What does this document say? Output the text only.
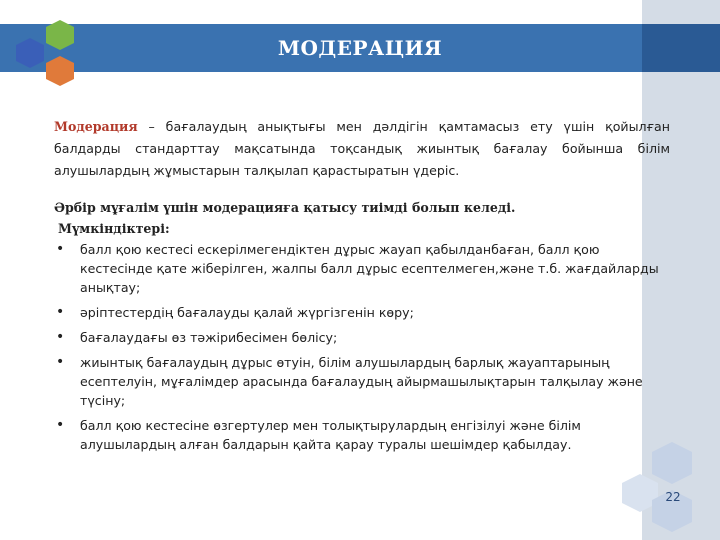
МОДЕРАЦИЯ
22

Модерация – бағалаудың анықтығы мен дәлдігін қамтамасыз ету үшін қойылған балдарды стандарттау мақсатында тоқсандық жиынтық бағалау бойынша білім алушылардың жұмыстарын талқылап қарастыратын үдеріс.

Әрбір мұғалім үшін модерацияға қатысу тиімді болып келеді.

Мүмкіндіктері:

• балл қою кестесі ескерілмегендіктен дұрыс жауап қабылданбаған, балл қою кестесінде қате жіберілген, жалпы балл дұрыс есептелмеген,және т.б. жағдайларды анықтау;
• әріптестердің бағалауды қалай жүргізгенін көру;
• бағалаудағы өз тәжірибесімен бөлісу;
• жиынтық бағалаудың дұрыс өтуін, білім алушылардың барлық жауаптарының есептелуін, мұғалімдер арасында бағалаудың айырмашылықтарын талқылау және түсіну;
• балл қою кестесіне өзгертулер мен толықтырулардың енгізілуі және білім алушылардың алған балдарын қайта қарау туралы шешімдер қабылдау.
